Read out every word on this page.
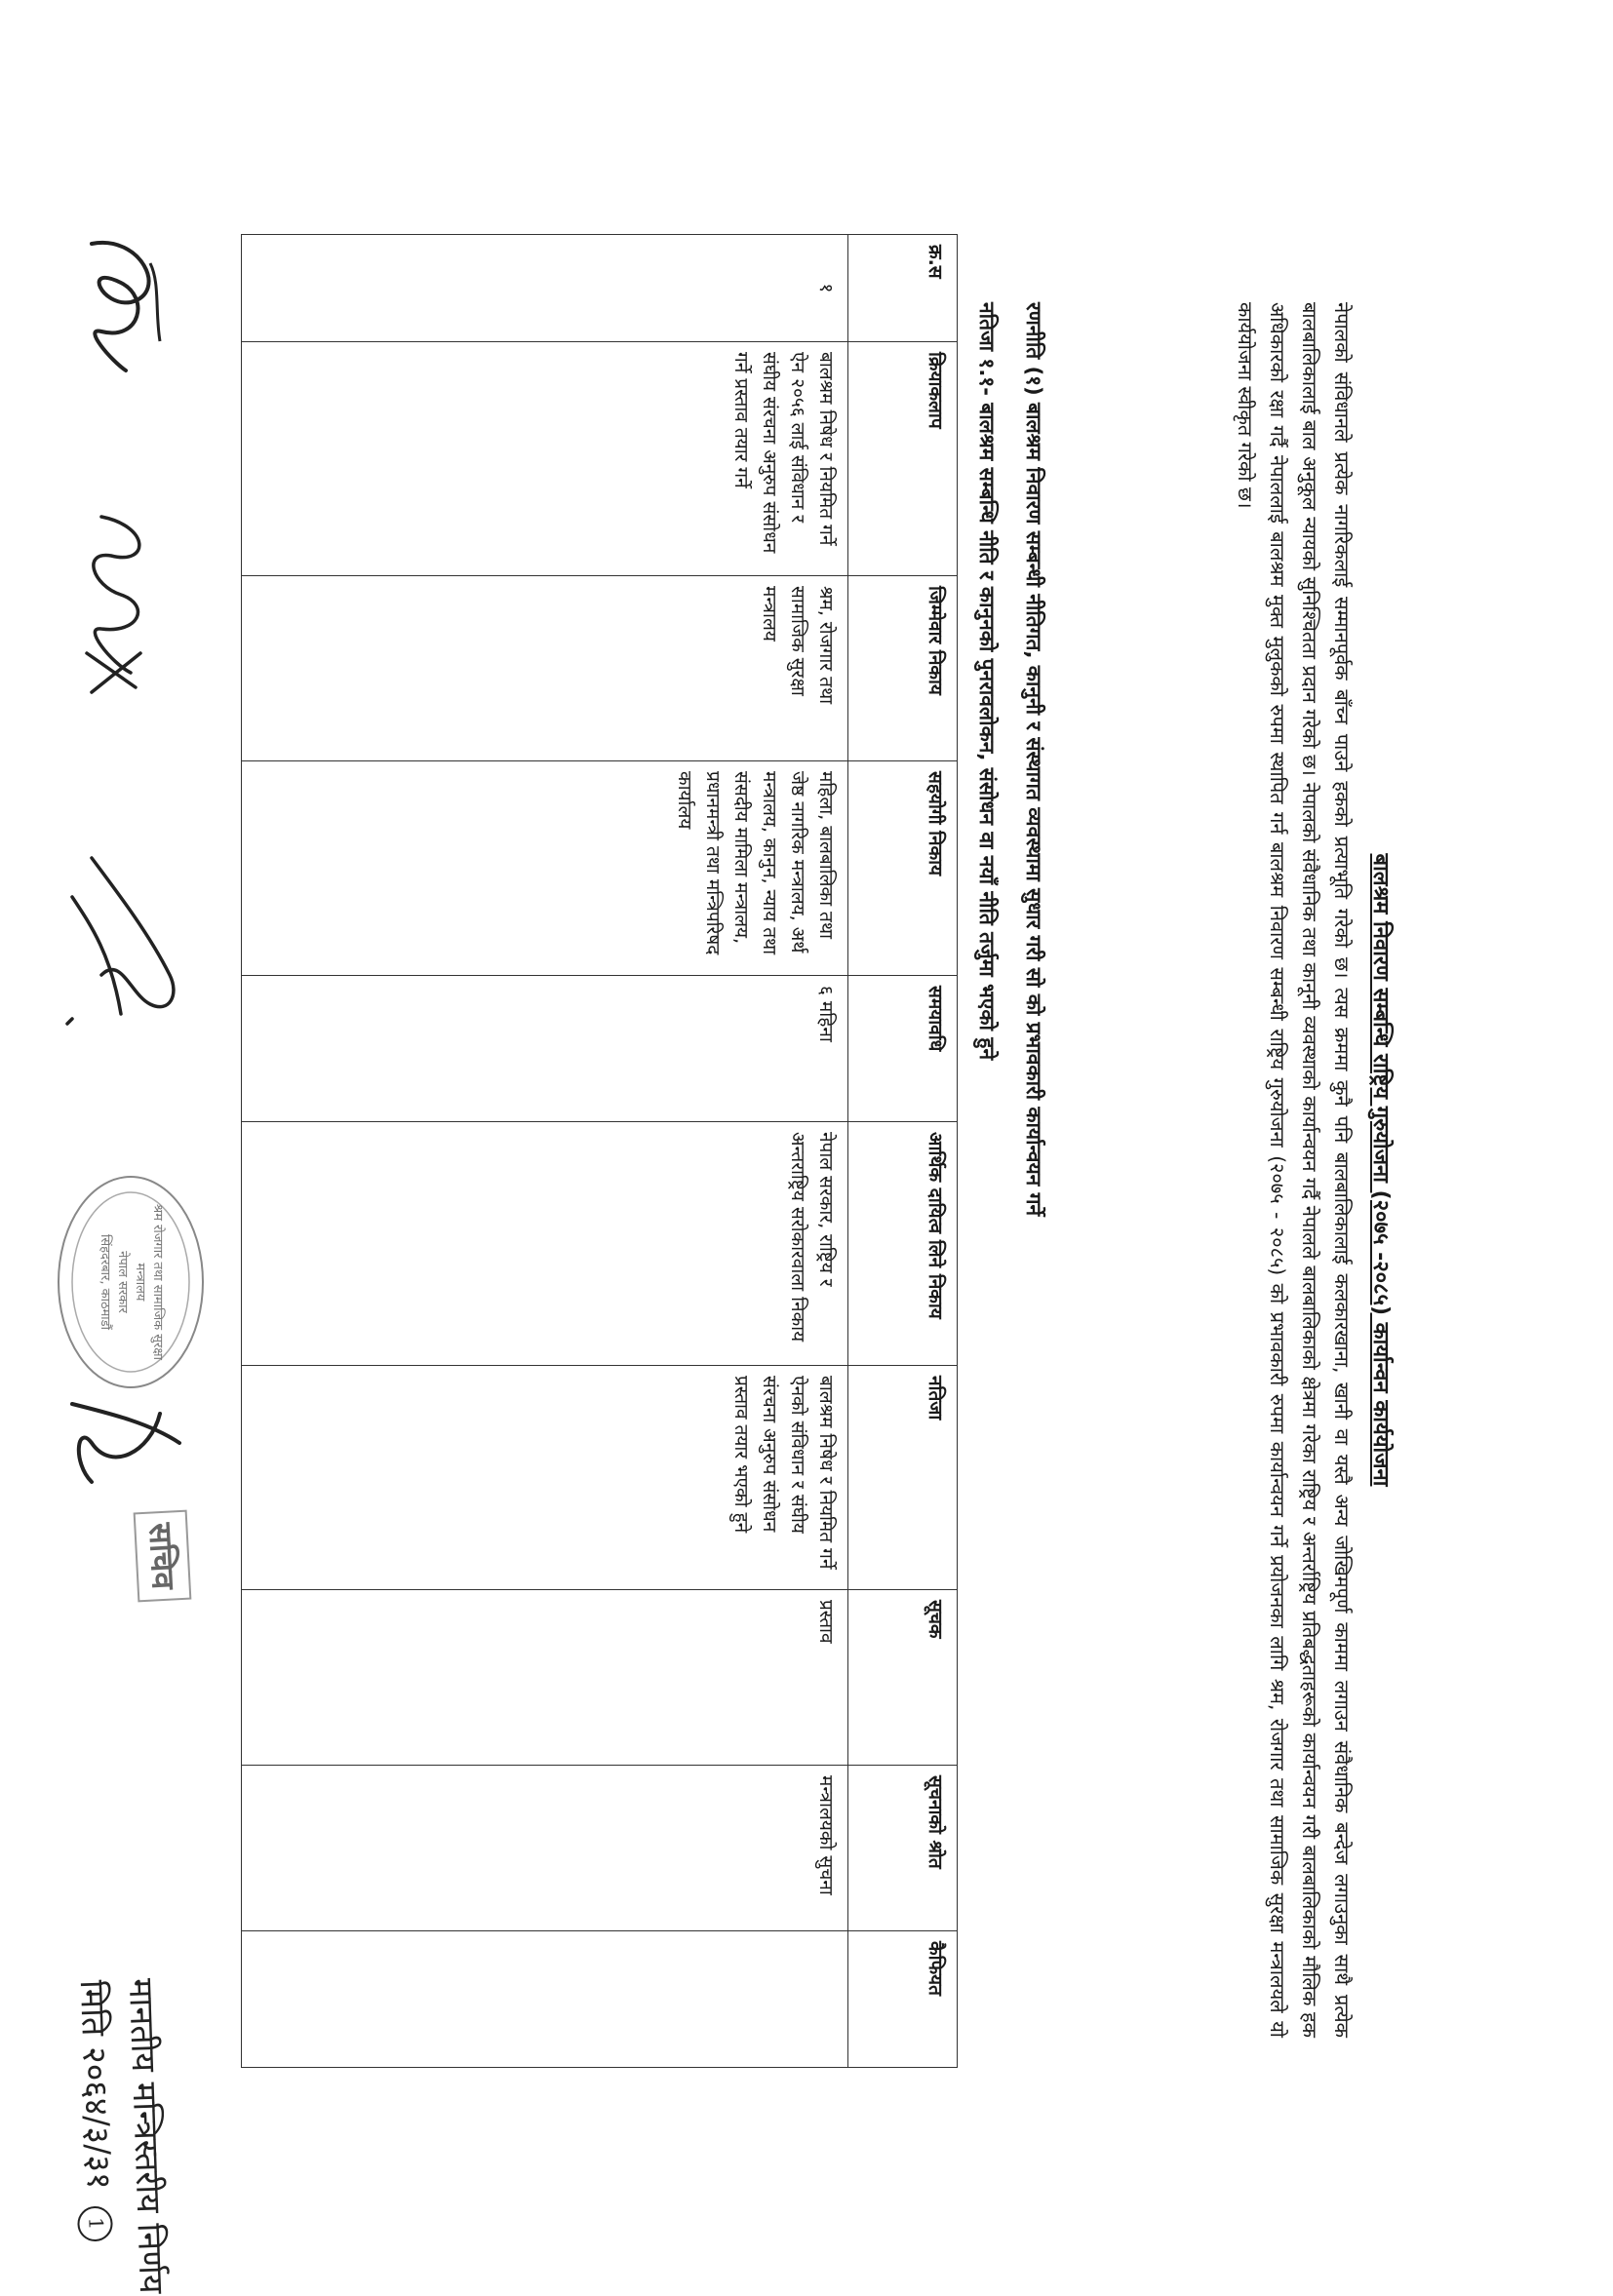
मानतीय मन्त्रिस्तरीय निर्णय
मिति २०६४/३/३१ 1
बालश्रम निवारण सम्बन्धि राष्ट्रिय गुरुयोजना (२०७५ -२०८५) कार्यान्वन कार्ययोजना
नेपालको संविधानले प्रत्येक नागरिकलाई सम्मानपूर्वक बाँच्न पाउने हकको प्रत्याभूति गरेको छ। त्यस क्रममा कुनै पनि बालबालिकालाई कलकारखाना, खानी वा यस्तै अन्य जोखिमपूर्ण काममा लगाउन संवैधानिक बन्देज लगाउनुका साथै प्रत्येक बालबालिकालाई बाल अनुकूल न्यायको सुनिश्चितता प्रदान गरेको छ। नेपालको संवैधानिक तथा कानूनी व्यवस्थाको कार्यान्वयन गर्दै नेपालले बालबालिकाको क्षेत्रमा गरेका राष्ट्रिय र अन्तर्राष्ट्रिय प्रतिबद्धताहरूको कार्यान्वयन गरी बालबालिकाको मौलिक हक अधिकारको रक्षा गर्दै नेपाललाई बालश्रम मुक्त मुलुकको रुपमा स्थापित गर्न बालश्रम निवारण सम्बन्धी राष्ट्रिय गुरुयोजना (२०७५ - २०८५) को प्रभावकारी रुपमा कार्यान्वयन गर्ने प्रयोजनका लागि श्रम, रोजगार तथा सामाजिक सुरक्षा मन्त्रालयले यो कार्ययोजना स्वीकृत गरेको छ।
रणनीति (१) बालश्रम निवारण सम्बन्धी नीतिगत, कानुनी र संस्थागत व्यवस्थामा सुधार गरी सो को प्रभावकारी कार्यान्वयन गर्ने
नतिजा १.१- बालश्रम सम्बन्धि नीति र कानुनको पुनरावलोकन, संसोधन वा नयाँ नीति तर्जुमा भएको हुने
क्र.स	क्रियाकलाप	जिम्मेवार निकाय	सहयोगी निकाय	समयावधि	आर्थिक दायित्व लिने निकाय	नतिजा	सूचक	सूचनाको श्रोत	कैफियत
१	बालश्रम निषेध र नियमित गर्ने ऐन २०५६ लाई संविधान र संघीय संरचना अनुरुप संसोधन गर्ने प्रस्ताव तयार गर्ने	श्रम, रोजगार तथा सामाजिक सुरक्षा मन्त्रालय	महिला, बालबालिका तथा जेष्ठ नागरिक मन्त्रालय, अर्थ मन्त्रालय, कानुन, न्याय तथा संसदीय मामिला मन्त्रालय, प्रधानमन्त्री तथा मन्त्रिपरिषद कार्यालय	६ महिना	नेपाल सरकार, राष्ट्रिय र अन्तराष्ट्रिय सरोकारवाला निकाय	बालश्रम निषेध र नियमित गर्ने ऐनको संविधान र संघीय संरचना अनुरुप संसोधन प्रस्ताव तयार भएको हुने	प्रस्ताव	मन्त्रालयको सुचना	
श्रम रोजगार तथा सामाजिक सुरक्षा मन्त्रालय
नेपाल सरकार
सिंहदरबार, काठमाडौं
सचिव
